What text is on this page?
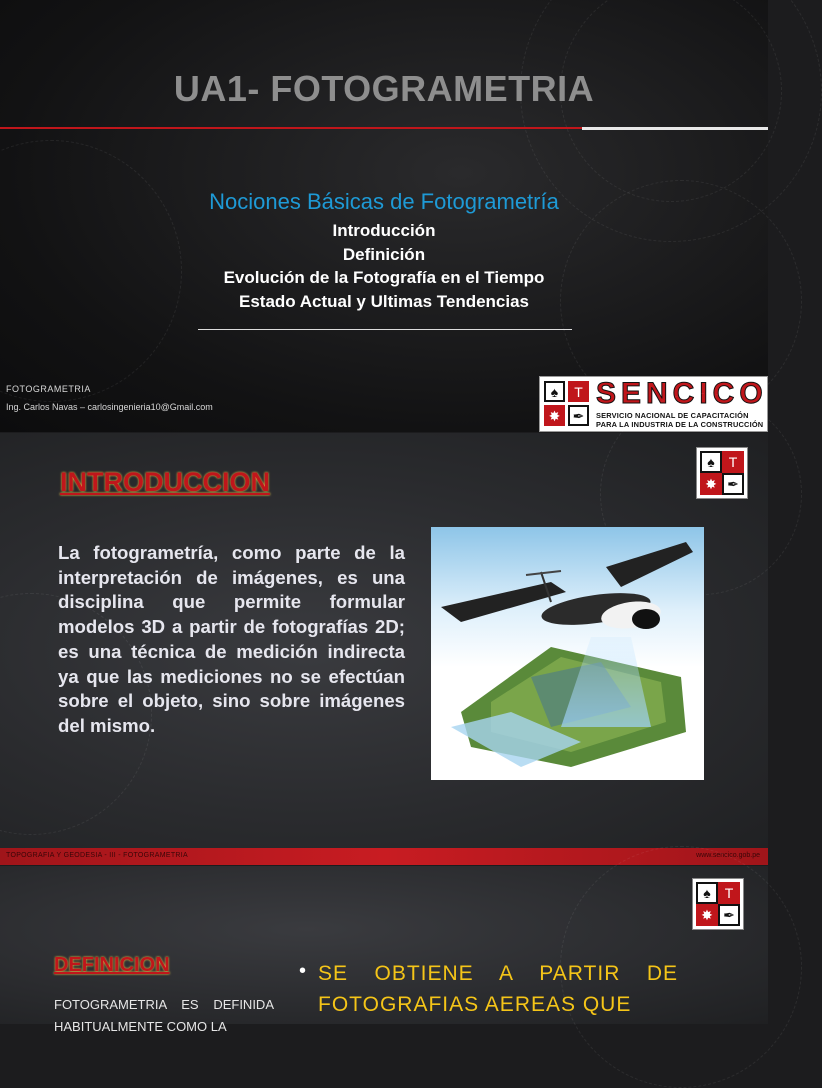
UA1- FOTOGRAMETRIA
Nociones Básicas de Fotogrametría
Introducción
Definición
Evolución de la Fotografía en el Tiempo
Estado Actual y Ultimas Tendencias
FOTOGRAMETRIA
Ing. Carlos Navas – carlosingenieria10@Gmail.com
♠	T
✸ ✒
SENCICO
SERVICIO NACIONAL DE CAPACITACIÓN
PARA LA INDUSTRIA DE LA CONSTRUCCIÓN
INTRODUCCION
♠	T
✸ ✒
La fotogrametría, como parte de la interpretación de imágenes, es una disciplina que permite formular modelos 3D a partir de fotografías 2D; es una técnica de medición indirecta ya que las mediciones no se efectúan sobre el objeto, sino sobre imágenes del mismo.
TOPOGRAFIA Y GEODESIA - III - FOTOGRAMETRIA	www.sencico.gob.pe
♠	T
✸ ✒
DEFINICION
FOTOGRAMETRIA ES DEFINIDA HABITUALMENTE COMO LA
• SE OBTIENE A PARTIR DE FOTOGRAFIAS AEREAS QUE
